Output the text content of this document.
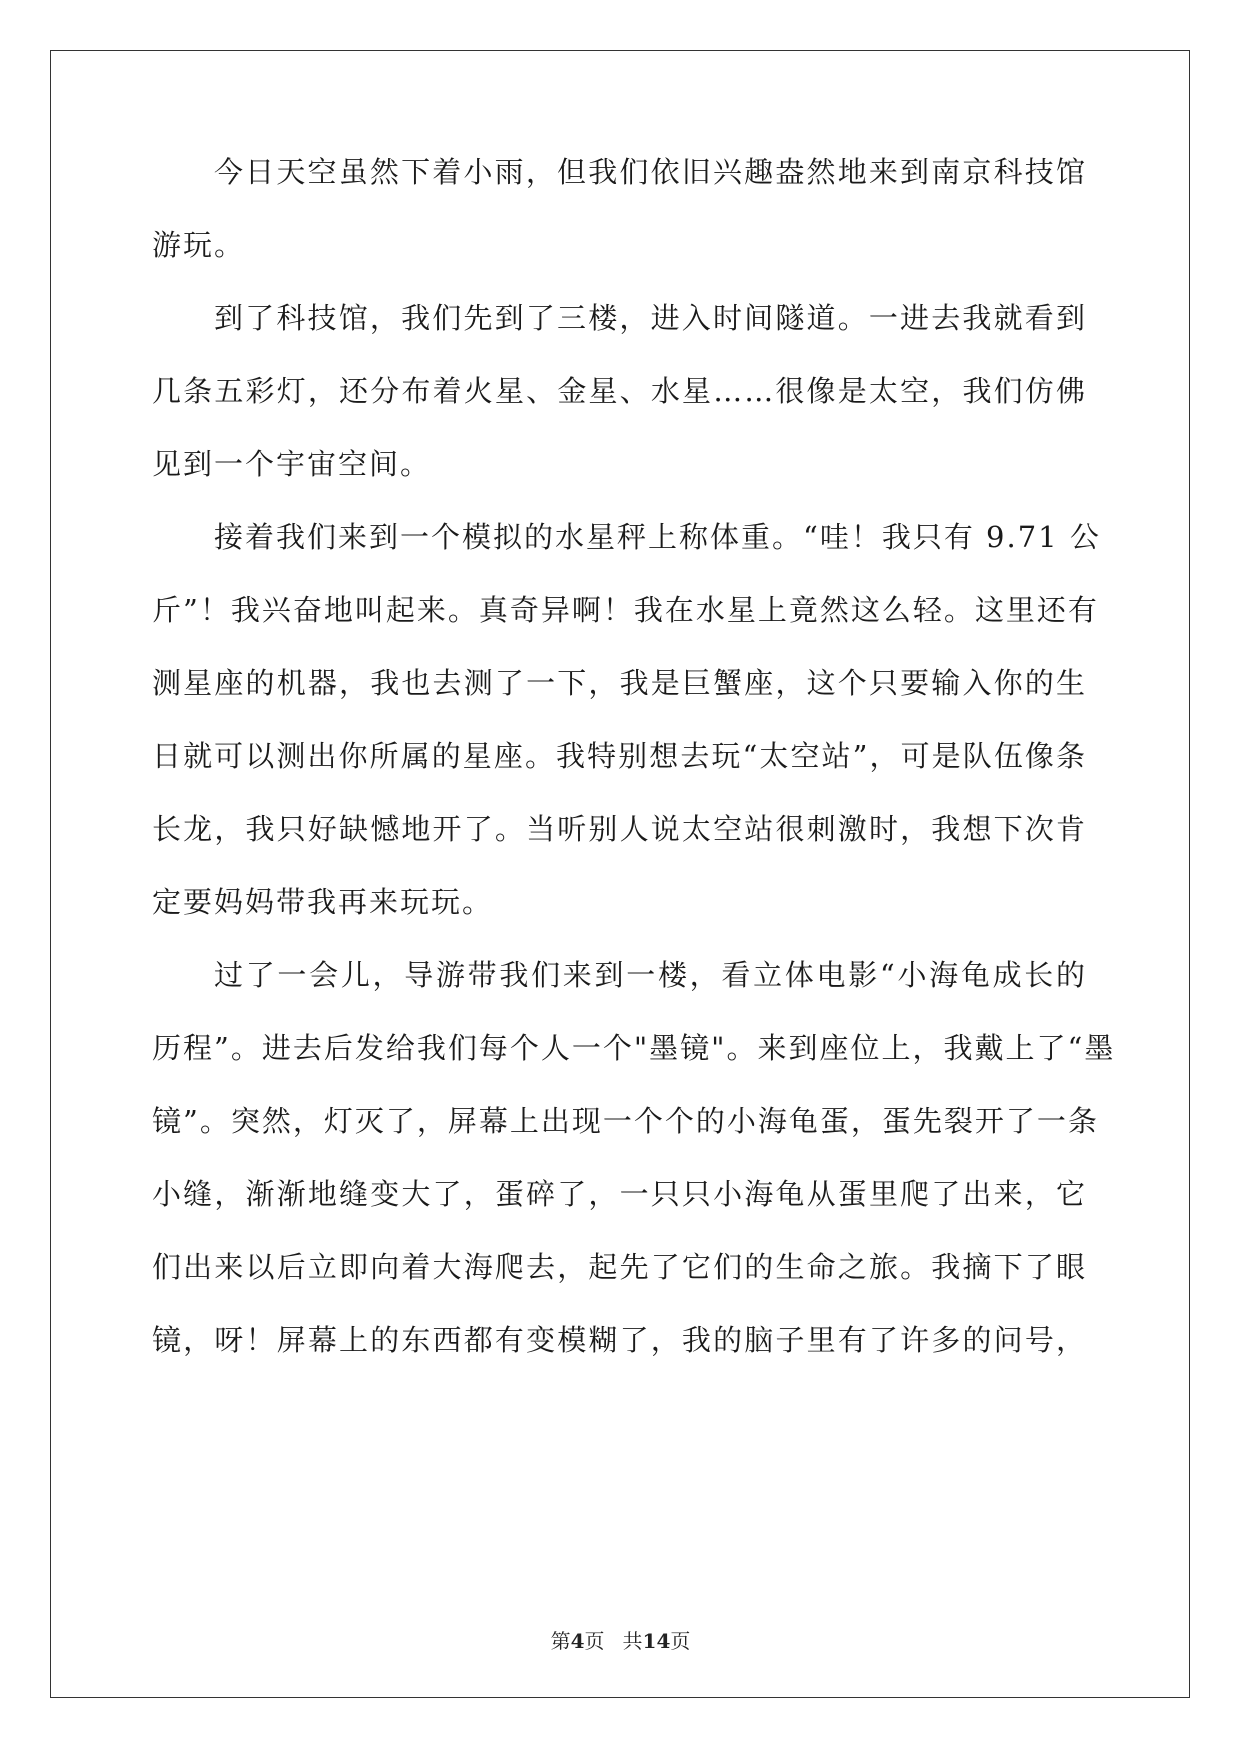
今日天空虽然下着小雨，但我们依旧兴趣盎然地来到南京科技馆
游玩。
到了科技馆，我们先到了三楼，进入时间隧道。一进去我就看到
几条五彩灯，还分布着火星、金星、水星……很像是太空，我们仿佛
见到一个宇宙空间。
接着我们来到一个模拟的水星秤上称体重。“哇！我只有 9.71 公
斤”！我兴奋地叫起来。真奇异啊！我在水星上竟然这么轻。这里还有
测星座的机器，我也去测了一下，我是巨蟹座，这个只要输入你的生
日就可以测出你所属的星座。我特别想去玩“太空站”，可是队伍像条
长龙，我只好缺憾地开了。当听别人说太空站很刺激时，我想下次肯
定要妈妈带我再来玩玩。
过了一会儿，导游带我们来到一楼，看立体电影“小海龟成长的
历程”。进去后发给我们每个人一个"墨镜"。来到座位上，我戴上了“墨
镜”。突然，灯灭了，屏幕上出现一个个的小海龟蛋，蛋先裂开了一条
小缝，渐渐地缝变大了，蛋碎了，一只只小海龟从蛋里爬了出来，它
们出来以后立即向着大海爬去，起先了它们的生命之旅。我摘下了眼
镜，呀！屏幕上的东西都有变模糊了，我的脑子里有了许多的问号，
第4页 共14页
